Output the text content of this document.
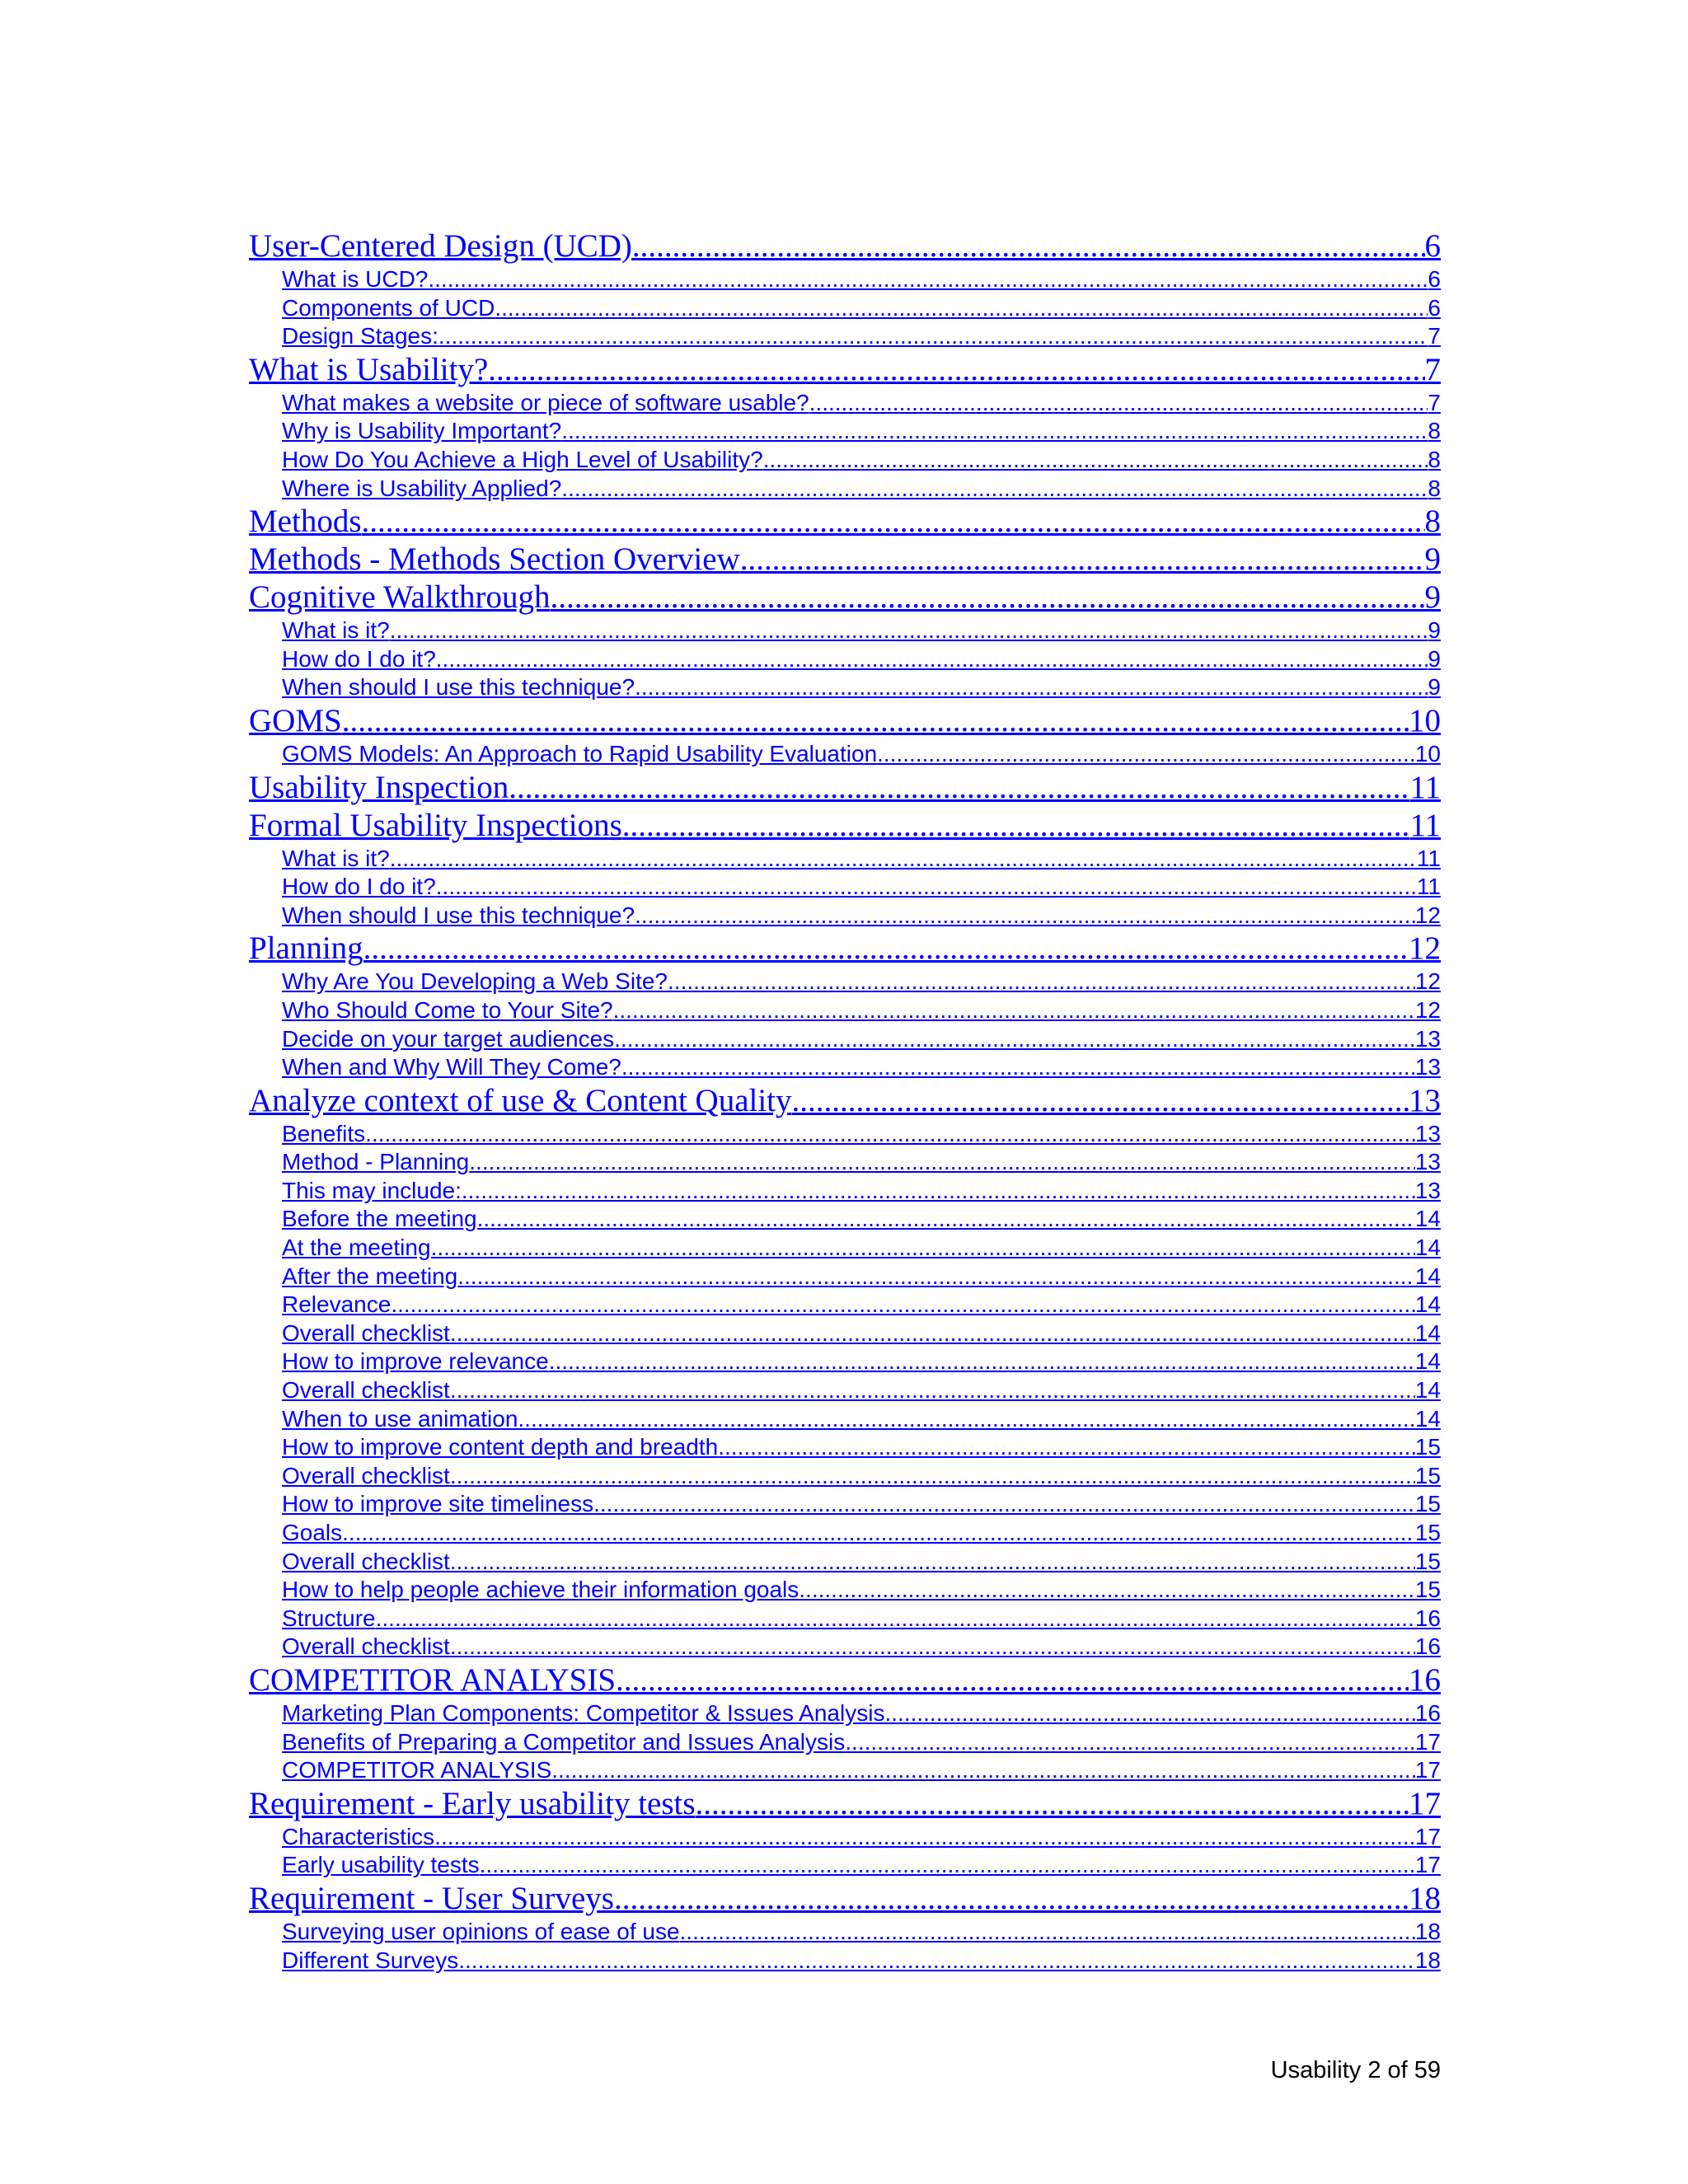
User-Centered Design (UCD) .....	6
What is UCD? .....	6
Components of UCD .....	6
Design Stages: .....	7
What is Usability? .....	7
What makes a website or piece of software usable? .....	7
Why is Usability Important? .....	8
How Do You Achieve a High Level of Usability? .....	8
Where is Usability Applied? .....	8
Methods .....	8
Methods - Methods Section Overview .....	9
Cognitive Walkthrough .....	9
What is it? .....	9
How do I do it? .....	9
When should I use this technique? .....	9
GOMS .....	10
GOMS Models: An Approach to Rapid Usability Evaluation .....	10
Usability Inspection .....	11
Formal Usability Inspections .....	11
What is it? .....	11
How do I do it? .....	11
When should I use this technique? .....	12
Planning .....	12
Why Are You Developing a Web Site? .....	12
Who Should Come to Your Site? .....	12
Decide on your target audiences .....	13
When and Why Will They Come? .....	13
Analyze context of use & Content Quality .....	13
Benefits .....	13
Method - Planning .....	13
This may include: .....	13
Before the meeting .....	14
At the meeting .....	14
After the meeting .....	14
Relevance .....	14
Overall checklist .....	14
How to improve relevance .....	14
Overall checklist .....	14
When to use animation .....	14
How to improve content depth and breadth .....	15
Overall checklist .....	15
How to improve site timeliness .....	15
Goals .....	15
Overall checklist .....	15
How to help people achieve their information goals .....	15
Structure .....	16
Overall checklist .....	16
COMPETITOR ANALYSIS .....	16
Marketing Plan Components: Competitor & Issues Analysis .....	16
Benefits of Preparing a Competitor and Issues Analysis .....	17
COMPETITOR ANALYSIS .....	17
Requirement - Early usability tests .....	17
Characteristics .....	17
Early usability tests .....	17
Requirement - User Surveys .....	18
Surveying user opinions of ease of use .....	18
Different Surveys .....	18
Usability 2 of 59
